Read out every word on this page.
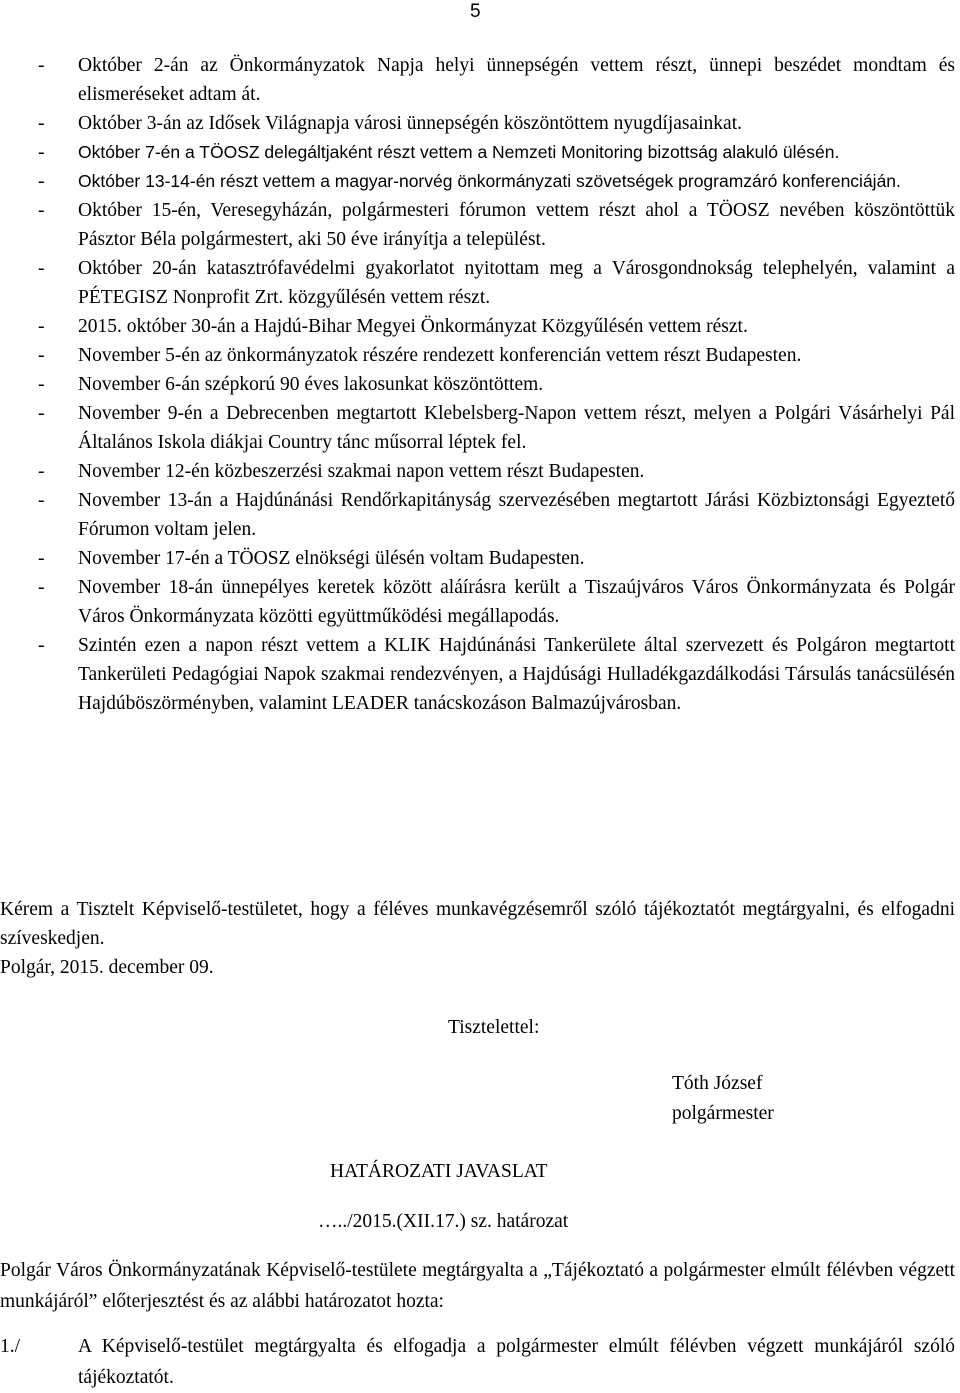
5
- Október 2-án az Önkormányzatok Napja helyi ünnepségén vettem részt, ünnepi beszédet mondtam és elismeréseket adtam át.
- Október 3-án az Idősek Világnapja városi ünnepségén köszöntöttem nyugdíjasainkat.
- Október 7-én a TÖOSZ delegáltjaként részt vettem a Nemzeti Monitoring bizottság alakuló ülésén.
- Október 13-14-én részt vettem a magyar-norvég önkormányzati szövetségek programzáró konferenciáján.
- Október 15-én, Veresegyházán, polgármesteri fórumon vettem részt ahol a TÖOSZ nevében köszöntöttük Pásztor Béla polgármestert, aki 50 éve irányítja a települést.
- Október 20-án katasztrófavédelmi gyakorlatot nyitottam meg a Városgondnokság telephelyén, valamint a PÉTEGISZ Nonprofit Zrt. közgyűlésén vettem részt.
- 2015. október 30-án a Hajdú-Bihar Megyei Önkormányzat Közgyűlésén vettem részt.
- November 5-én az önkormányzatok részére rendezett konferencián vettem részt Budapesten.
- November 6-án szépkorú 90 éves lakosunkat köszöntöttem.
- November 9-én a Debrecenben megtartott Klebelsberg-Napon vettem részt, melyen a Polgári Vásárhelyi Pál Általános Iskola diákjai Country tánc műsorral léptek fel.
- November 12-én közbeszerzési szakmai napon vettem részt Budapesten.
- November 13-án a Hajdúnánási Rendőrkapitányság szervezésében megtartott Járási Közbiztonsági Egyeztető Fórumon voltam jelen.
- November 17-én a TÖOSZ elnökségi ülésén voltam Budapesten.
- November 18-án ünnepélyes keretek között aláírásra került a Tiszaújváros Város Önkormányzata és Polgár Város Önkormányzata közötti együttműködési megállapodás.
- Szintén ezen a napon részt vettem a KLIK Hajdúnánási Tankerülete által szervezett és Polgáron megtartott Tankerületi Pedagógiai Napok szakmai rendezvényen, a Hajdúsági Hulladékgazdálkodási Társulás tanácsülésén Hajdúböszörményben, valamint LEADER tanácskozáson Balmazújvárosban.
Kérem a Tisztelt Képviselő-testületet, hogy a féléves munkavégzésemről szóló tájékoztatót megtárgyalni, és elfogadni szíveskedjen.
Polgár, 2015. december 09.
Tisztelettel:
Tóth József
polgármester
HATÁROZATI JAVASLAT
…../2015.(XII.17.) sz. határozat
Polgár Város Önkormányzatának Képviselő-testülete megtárgyalta a „Tájékoztató a polgármester elmúlt félévben végzett munkájáról” előterjesztést és az alábbi határozatot hozta:
1./	A Képviselő-testület megtárgyalta és elfogadja a polgármester elmúlt félévben végzett munkájáról szóló tájékoztatót.
